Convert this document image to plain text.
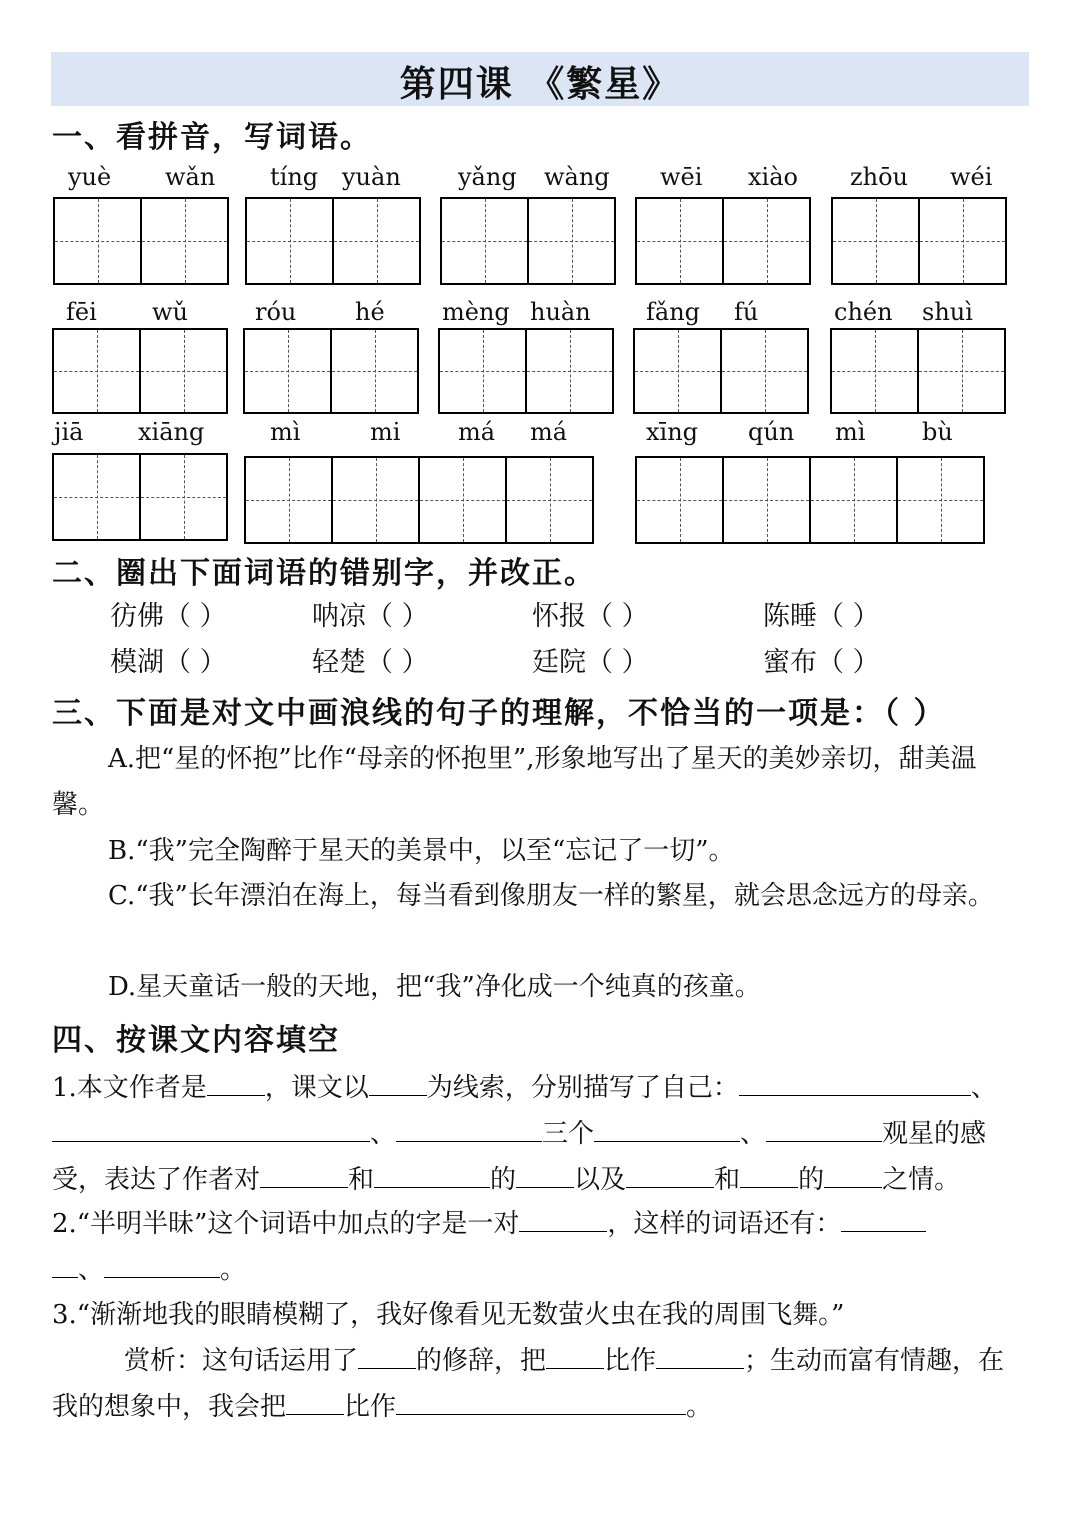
第四课 《繁星》
一、看拼音，写词语。
yuè wǎn tíng yuàn yǎng wàng wēi xiào zhōu wéi
fēi wǔ	róu hé mèng huàn fǎng fú	chén shuì
jiā xiāng	mì	mi má má	xīng qún mì bù
二、圈出下面词语的错别字，并改正。
彷佛（ ）	呐凉（ ）	怀报（ ）	陈睡（ ）
模湖（ ）	轻楚（ ）	廷院（ ）	蜜布（ ）
三、下面是对文中画浪线的句子的理解，不恰当的一项是：（ ）
A.把“星的怀抱”比作“母亲的怀抱里”,形象地写出了星天的美妙亲切，甜美温馨。
B.“我”完全陶醉于星天的美景中，以至“忘记了一切”。
C.“我”长年漂泊在海上，每当看到像朋友一样的繁星，就会思念远方的母亲。
D.星天童话一般的天地，把“我”净化成一个纯真的孩童。
四、按课文内容填空
1.本文作者是 ，课文以 为线索，分别描写了自己：	、、	三个	、	观星的感受，表达了作者对	和	的 以及	和 的 之情。
2.“半明半昧”这个词语中加点的字是一对	，这样的词语还有：
、	。
3.“渐渐地我的眼睛模糊了，我好像看见无数萤火虫在我的周围飞舞。”
赏析：这句话运用了 的修辞，把 比作	；生动而富有情趣，在我的想象中，我会把 比作	。
